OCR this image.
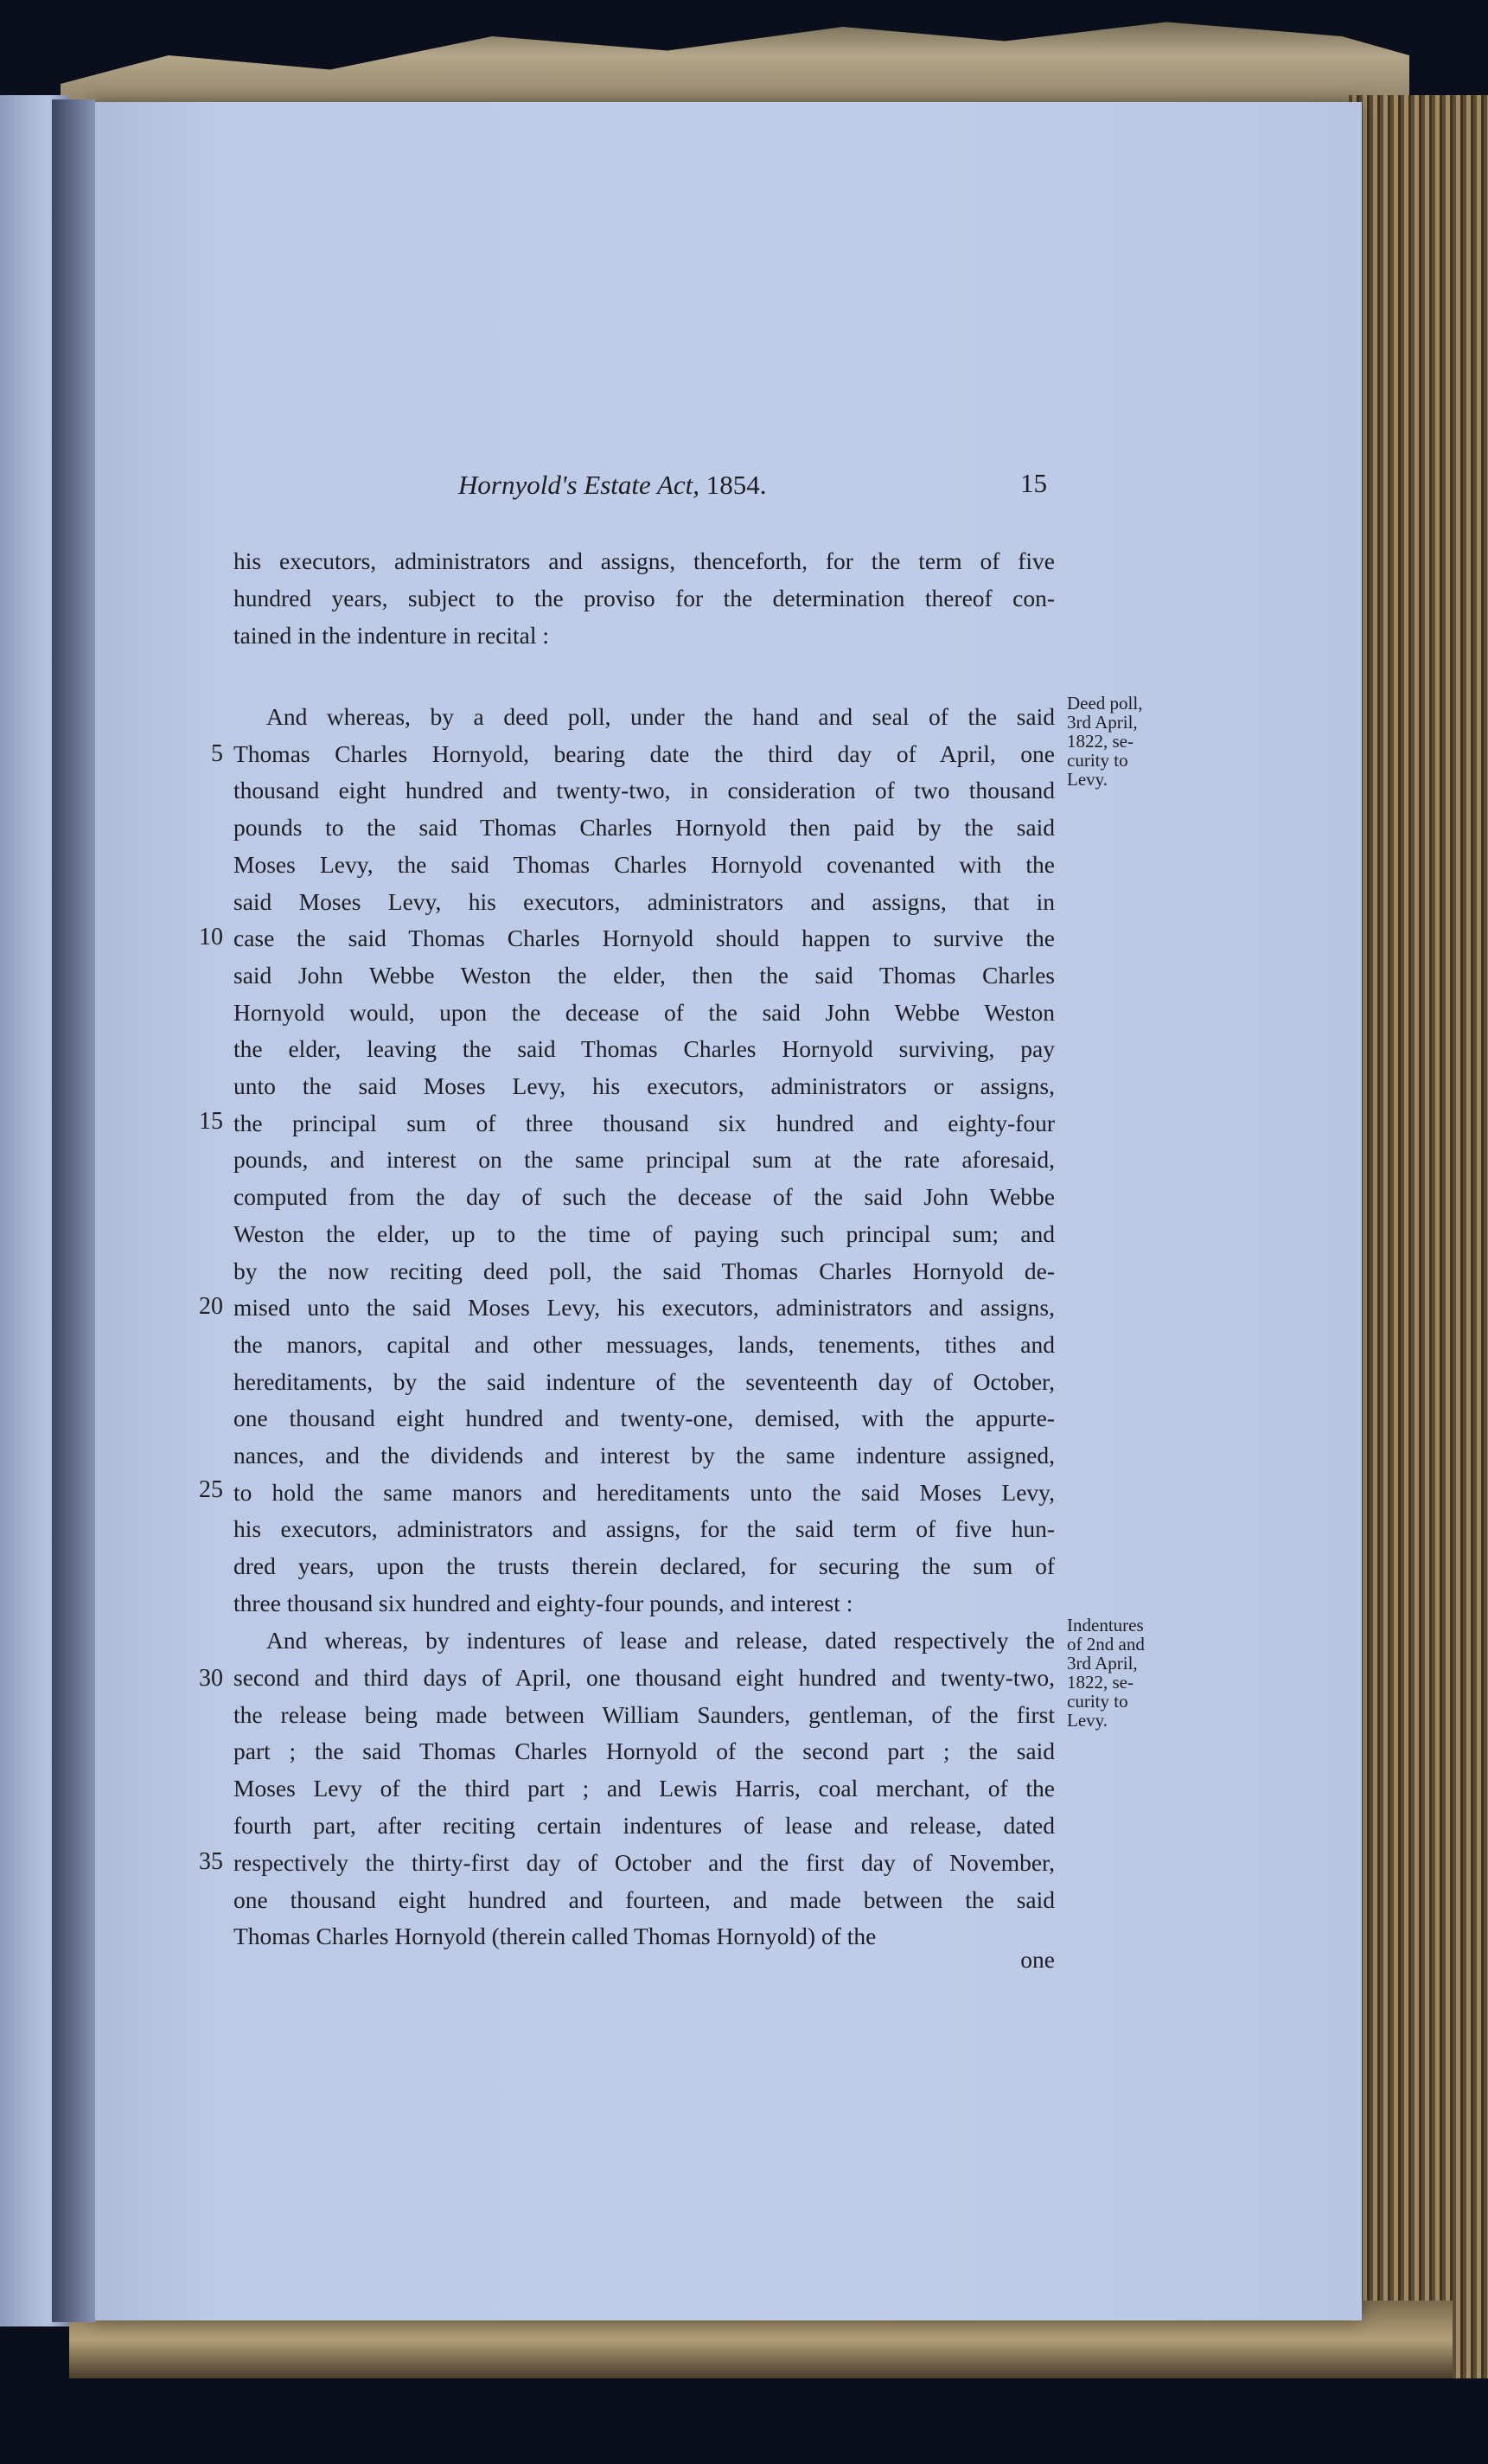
Hornyold's Estate Act, 1854.	15
his executors, administrators and assigns, thenceforth, for the term of five
hundred years, subject to the proviso for the determination thereof con-
tained in the indenture in recital :
And whereas, by a deed poll, under the hand and seal of the said
Thomas Charles Hornyold, bearing date the third day of April, one
thousand eight hundred and twenty-two, in consideration of two thousand
pounds to the said Thomas Charles Hornyold then paid by the said
Moses Levy, the said Thomas Charles Hornyold covenanted with the
said Moses Levy, his executors, administrators and assigns, that in
case the said Thomas Charles Hornyold should happen to survive the
said John Webbe Weston the elder, then the said Thomas Charles
Hornyold would, upon the decease of the said John Webbe Weston
the elder, leaving the said Thomas Charles Hornyold surviving, pay
unto the said Moses Levy, his executors, administrators or assigns,
the principal sum of three thousand six hundred and eighty-four
pounds, and interest on the same principal sum at the rate aforesaid,
computed from the day of such the decease of the said John Webbe
Weston the elder, up to the time of paying such principal sum; and
by the now reciting deed poll, the said Thomas Charles Hornyold de-
mised unto the said Moses Levy, his executors, administrators and assigns,
the manors, capital and other messuages, lands, tenements, tithes and
hereditaments, by the said indenture of the seventeenth day of October,
one thousand eight hundred and twenty-one, demised, with the appurte-
nances, and the dividends and interest by the same indenture assigned,
to hold the same manors and hereditaments unto the said Moses Levy,
his executors, administrators and assigns, for the said term of five hun-
dred years, upon the trusts therein declared, for securing the sum of
three thousand six hundred and eighty-four pounds, and interest :
And whereas, by indentures of lease and release, dated respectively the
second and third days of April, one thousand eight hundred and twenty-two,
the release being made between William Saunders, gentleman, of the first
part ; the said Thomas Charles Hornyold of the second part ; the said
Moses Levy of the third part ; and Lewis Harris, coal merchant, of the
fourth part, after reciting certain indentures of lease and release, dated
respectively the thirty-first day of October and the first day of November,
one thousand eight hundred and fourteen, and made between the said
Thomas Charles Hornyold (therein called Thomas Hornyold) of the
5
10
15
20
25
30
35
Deed poll,
3rd April,
1822, se-
curity to
Levy.
Indentures
of 2nd and
3rd April,
1822, se-
curity to
Levy.
one
